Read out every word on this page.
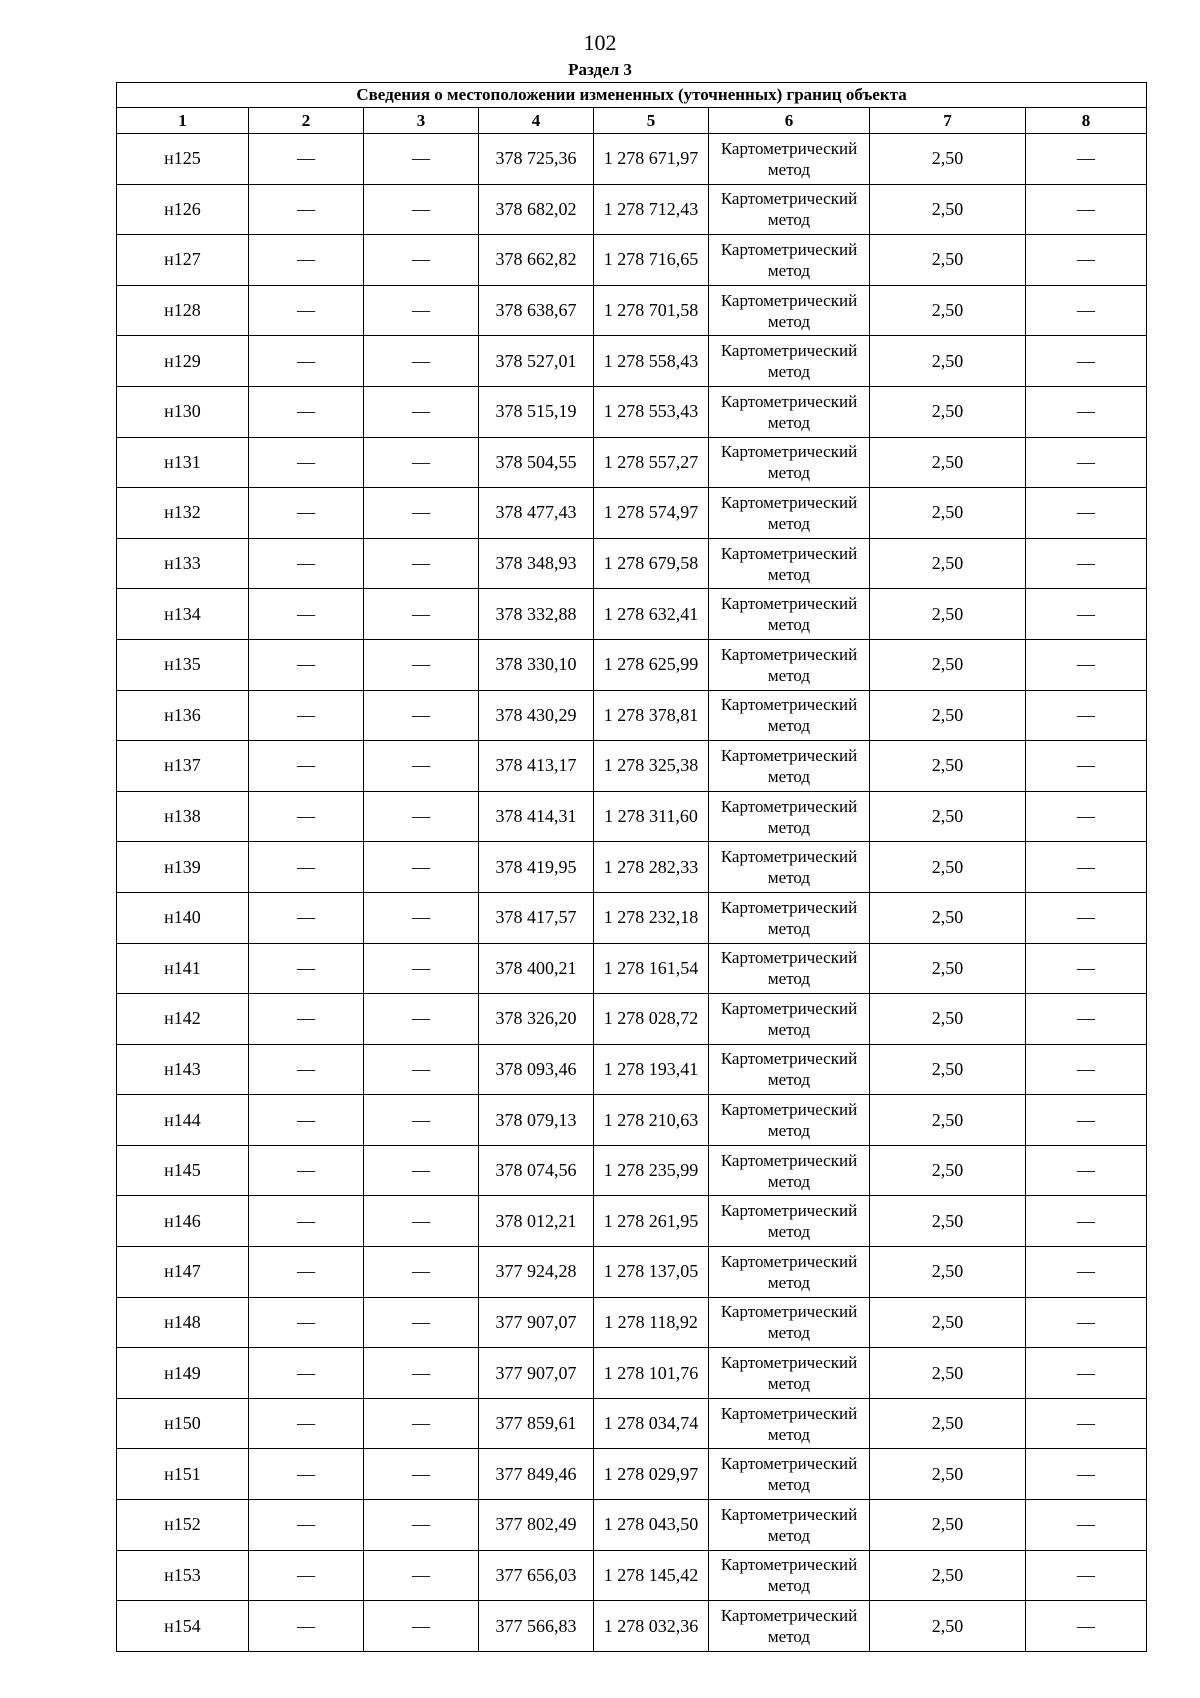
102
Раздел 3
Сведения о местоположении измененных (уточненных) границ объекта							
1	2	3	4	5	6	7	8
н125	—	—	378 725,36	1 278 671,97	Картометрический метод	2,50	—
н126	—	—	378 682,02	1 278 712,43	Картометрический метод	2,50	—
н127	—	—	378 662,82	1 278 716,65	Картометрический метод	2,50	—
н128	—	—	378 638,67	1 278 701,58	Картометрический метод	2,50	—
н129	—	—	378 527,01	1 278 558,43	Картометрический метод	2,50	—
н130	—	—	378 515,19	1 278 553,43	Картометрический метод	2,50	—
н131	—	—	378 504,55	1 278 557,27	Картометрический метод	2,50	—
н132	—	—	378 477,43	1 278 574,97	Картометрический метод	2,50	—
н133	—	—	378 348,93	1 278 679,58	Картометрический метод	2,50	—
н134	—	—	378 332,88	1 278 632,41	Картометрический метод	2,50	—
н135	—	—	378 330,10	1 278 625,99	Картометрический метод	2,50	—
н136	—	—	378 430,29	1 278 378,81	Картометрический метод	2,50	—
н137	—	—	378 413,17	1 278 325,38	Картометрический метод	2,50	—
н138	—	—	378 414,31	1 278 311,60	Картометрический метод	2,50	—
н139	—	—	378 419,95	1 278 282,33	Картометрический метод	2,50	—
н140	—	—	378 417,57	1 278 232,18	Картометрический метод	2,50	—
н141	—	—	378 400,21	1 278 161,54	Картометрический метод	2,50	—
н142	—	—	378 326,20	1 278 028,72	Картометрический метод	2,50	—
н143	—	—	378 093,46	1 278 193,41	Картометрический метод	2,50	—
н144	—	—	378 079,13	1 278 210,63	Картометрический метод	2,50	—
н145	—	—	378 074,56	1 278 235,99	Картометрический метод	2,50	—
н146	—	—	378 012,21	1 278 261,95	Картометрический метод	2,50	—
н147	—	—	377 924,28	1 278 137,05	Картометрический метод	2,50	—
н148	—	—	377 907,07	1 278 118,92	Картометрический метод	2,50	—
н149	—	—	377 907,07	1 278 101,76	Картометрический метод	2,50	—
н150	—	—	377 859,61	1 278 034,74	Картометрический метод	2,50	—
н151	—	—	377 849,46	1 278 029,97	Картометрический метод	2,50	—
н152	—	—	377 802,49	1 278 043,50	Картометрический метод	2,50	—
н153	—	—	377 656,03	1 278 145,42	Картометрический метод	2,50	—
н154	—	—	377 566,83	1 278 032,36	Картометрический метод	2,50	—
